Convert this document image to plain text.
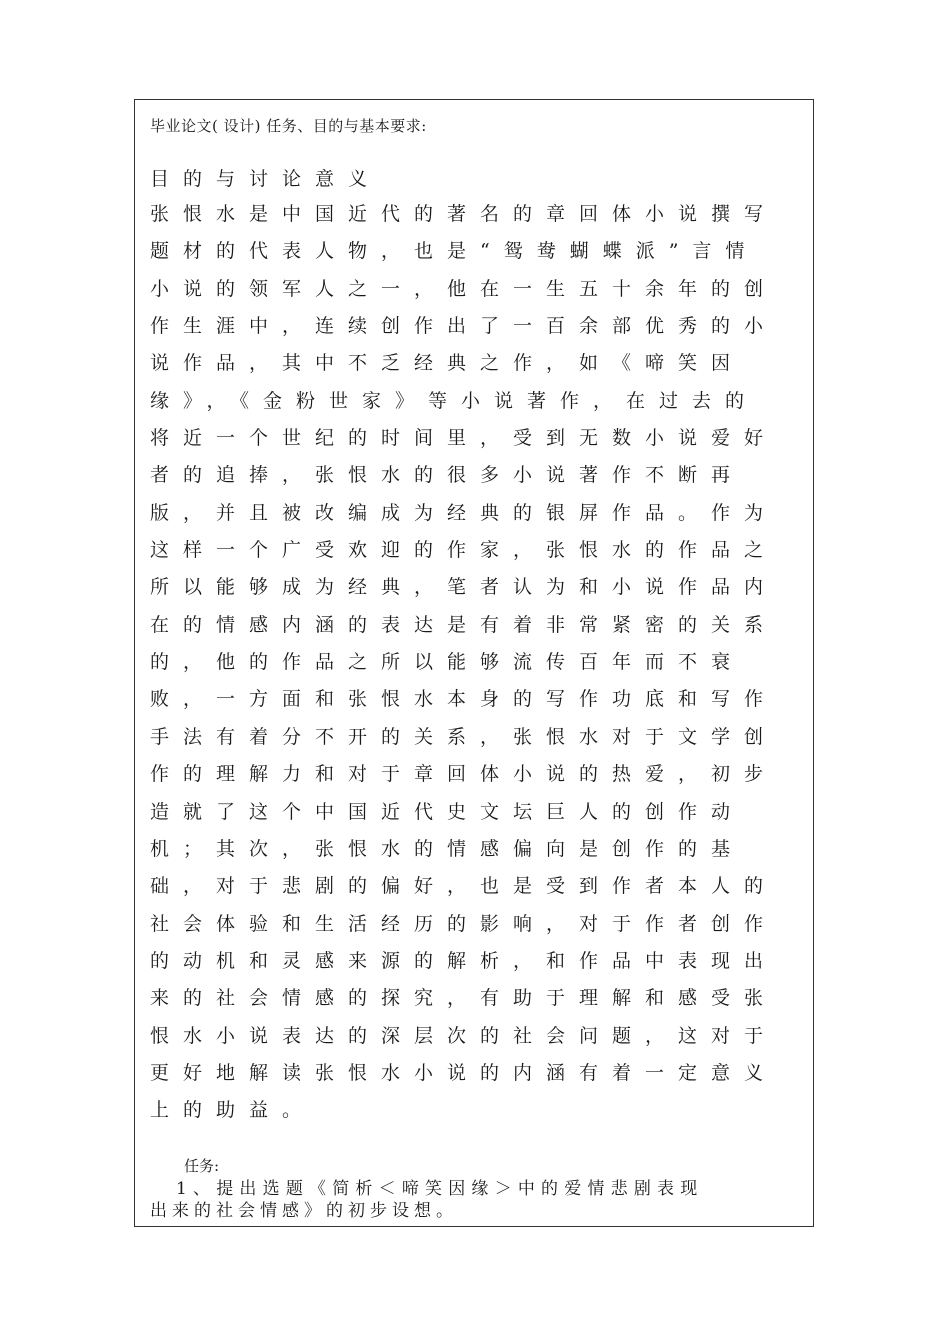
毕业论文( 设计) 任务、目的与基本要求:
目的与讨论意义
张恨水是中国近代的著名的章回体小说撰写
题材的代表人物，也是“鸳鸯蝴蝶派”言情
小说的领军人之一，他在一生五十余年的创
作生涯中，连续创作出了一百余部优秀的小
说作品，其中不乏经典之作，如《啼笑因
缘》，《金粉世家》等小说著作，在过去的
将近一个世纪的时间里，受到无数小说爱好
者的追捧，张恨水的很多小说著作不断再
版，并且被改编成为经典的银屏作品。作为
这样一个广受欢迎的作家，张恨水的作品之
所以能够成为经典，笔者认为和小说作品内
在的情感内涵的表达是有着非常紧密的关系
的，他的作品之所以能够流传百年而不衰
败，一方面和张恨水本身的写作功底和写作
手法有着分不开的关系，张恨水对于文学创
作的理解力和对于章回体小说的热爱，初步
造就了这个中国近代史文坛巨人的创作动
机；其次，张恨水的情感偏向是创作的基
础，对于悲剧的偏好，也是受到作者本人的
社会体验和生活经历的影响，对于作者创作
的动机和灵感来源的解析，和作品中表现出
来的社会情感的探究，有助于理解和感受张
恨水小说表达的深层次的社会问题，这对于
更好地解读张恨水小说的内涵有着一定意义
上的助益。
任务:
1、提出选题《简析＜啼笑因缘＞中的爱情悲剧表现
出来的社会情感》的初步设想。
